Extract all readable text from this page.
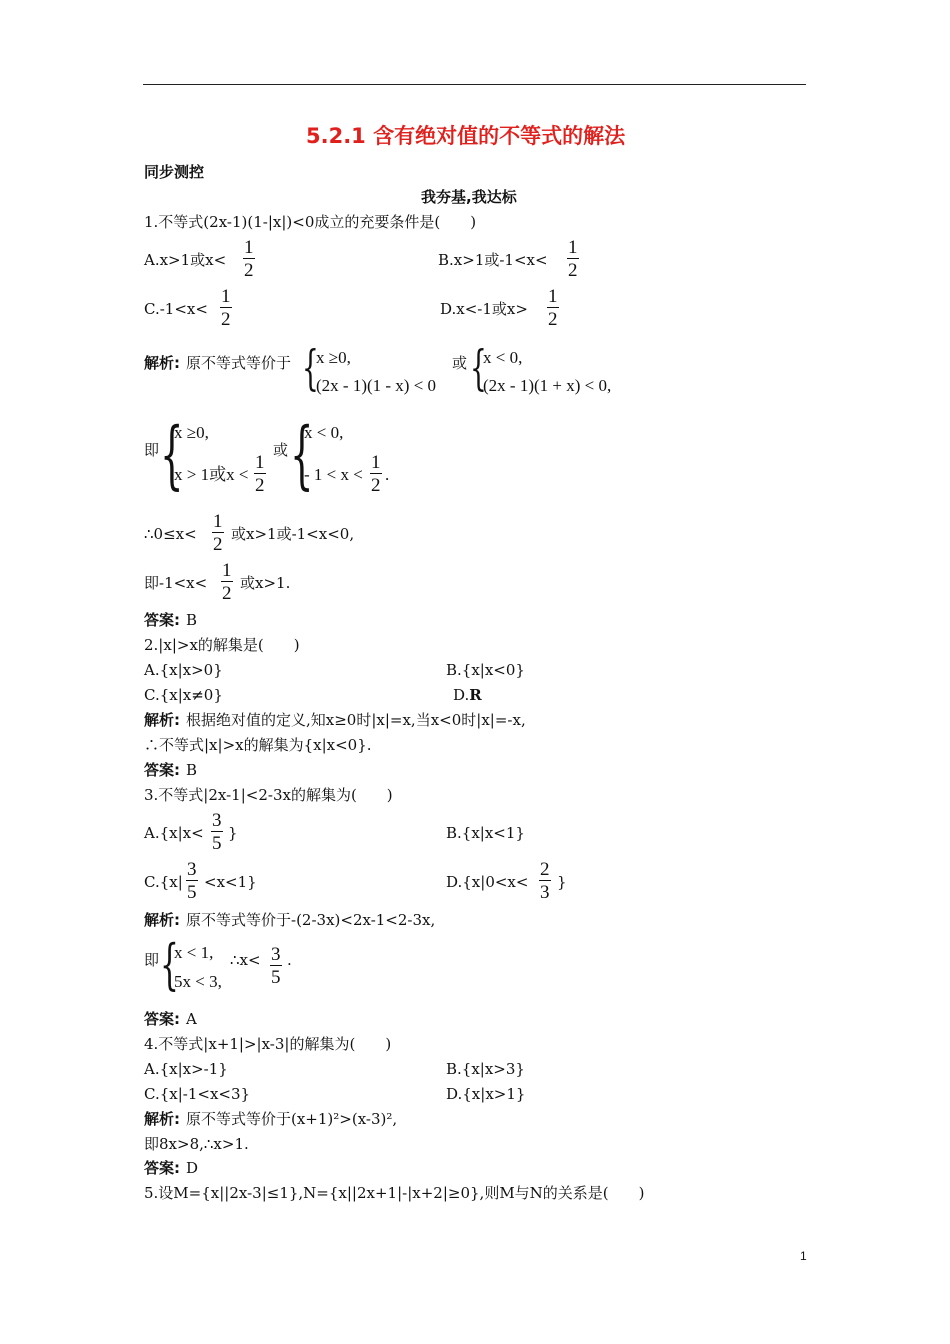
5.2.1 含有绝对值的不等式的解法
同步测控
我夯基,我达标
1.不等式(2x-1)(1-|x|)<0成立的充要条件是(　　)
A.x>1或x<
1
2	B.x>1或-1<x<
1
2
C.-1<x<
1
2	D.x<-1或x>
1
2
解析: 原不等式等价于 {
x ≥0,
(2x - 1)(1 - x) < 0
或 {
x < 0,
(2x - 1)(1 + x) < 0,
即 {
x ≥0,
x > 1或x <
1
2
或 {
x < 0,
- 1 < x <
1
2
.
∴0≤x<
1
2 或x>1或-1<x<0,
即-1<x<
1
2 或x>1.
答案: B
2.|x|>x的解集是(　　)
A.{x|x>0}	B.{x|x<0}
C.{x|x≠0}	D.R
解析: 根据绝对值的定义,知x≥0时|x|=x,当x<0时|x|=-x,
∴不等式|x|>x的解集为{x|x<0}.
答案: B
3.不等式|2x-1|<2-3x的解集为(　　)
A.{x|x<
3
5 }	B.{x|x<1}
C.{x|
3
5 <x<1}	D.{x|0<x<
2
3 }
解析: 原不等式等价于-(2-3x)<2x-1<2-3x,
即 {
x < 1,
5x < 3,
∴x< 3
5
.
答案: A
4.不等式|x+1|>|x-3|的解集为(　　)
A.{x|x>-1}	B.{x|x>3}
C.{x|-1<x<3}	D.{x|x>1}
解析: 原不等式等价于(x+1)²>(x-3)²,
即8x>8,∴x>1.
答案: D
5.设M={x||2x-3|≤1},N={x||2x+1|-|x+2|≥0},则M与N的关系是(　　)
1
